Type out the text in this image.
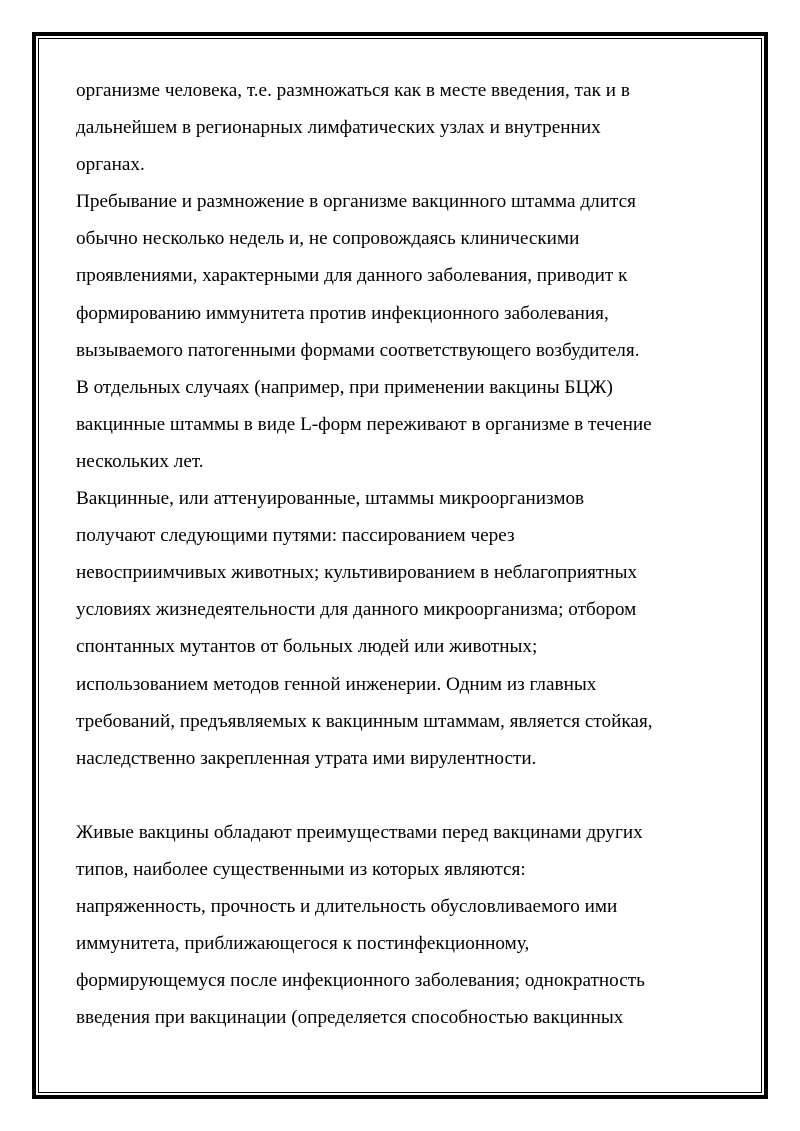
организме человека, т.е. размножаться как в месте введения, так и в
дальнейшем в регионарных лимфатических узлах и внутренних
органах.
Пребывание и размножение в организме вакцинного штамма длится
обычно несколько недель и, не сопровождаясь клиническими
проявлениями, характерными для данного заболевания, приводит к
формированию иммунитета против инфекционного заболевания,
вызываемого патогенными формами соответствующего возбудителя.
В отдельных случаях (например, при применении вакцины БЦЖ)
вакцинные штаммы в виде L-форм переживают в организме в течение
нескольких лет.
Вакцинные, или аттенуированные, штаммы микроорганизмов
получают следующими путями: пассированием через
невосприимчивых животных; культивированием в неблагоприятных
условиях жизнедеятельности для данного микроорганизма; отбором
спонтанных мутантов от больных людей или животных;
использованием методов генной инженерии. Одним из главных
требований, предъявляемых к вакцинным штаммам, является стойкая,
наследственно закрепленная утрата ими вирулентности.
Живые вакцины обладают преимуществами перед вакцинами других
типов, наиболее существенными из которых являются:
напряженность, прочность и длительность обусловливаемого ими
иммунитета, приближающегося к постинфекционному,
формирующемуся после инфекционного заболевания; однократность
введения при вакцинации (определяется способностью вакцинных
